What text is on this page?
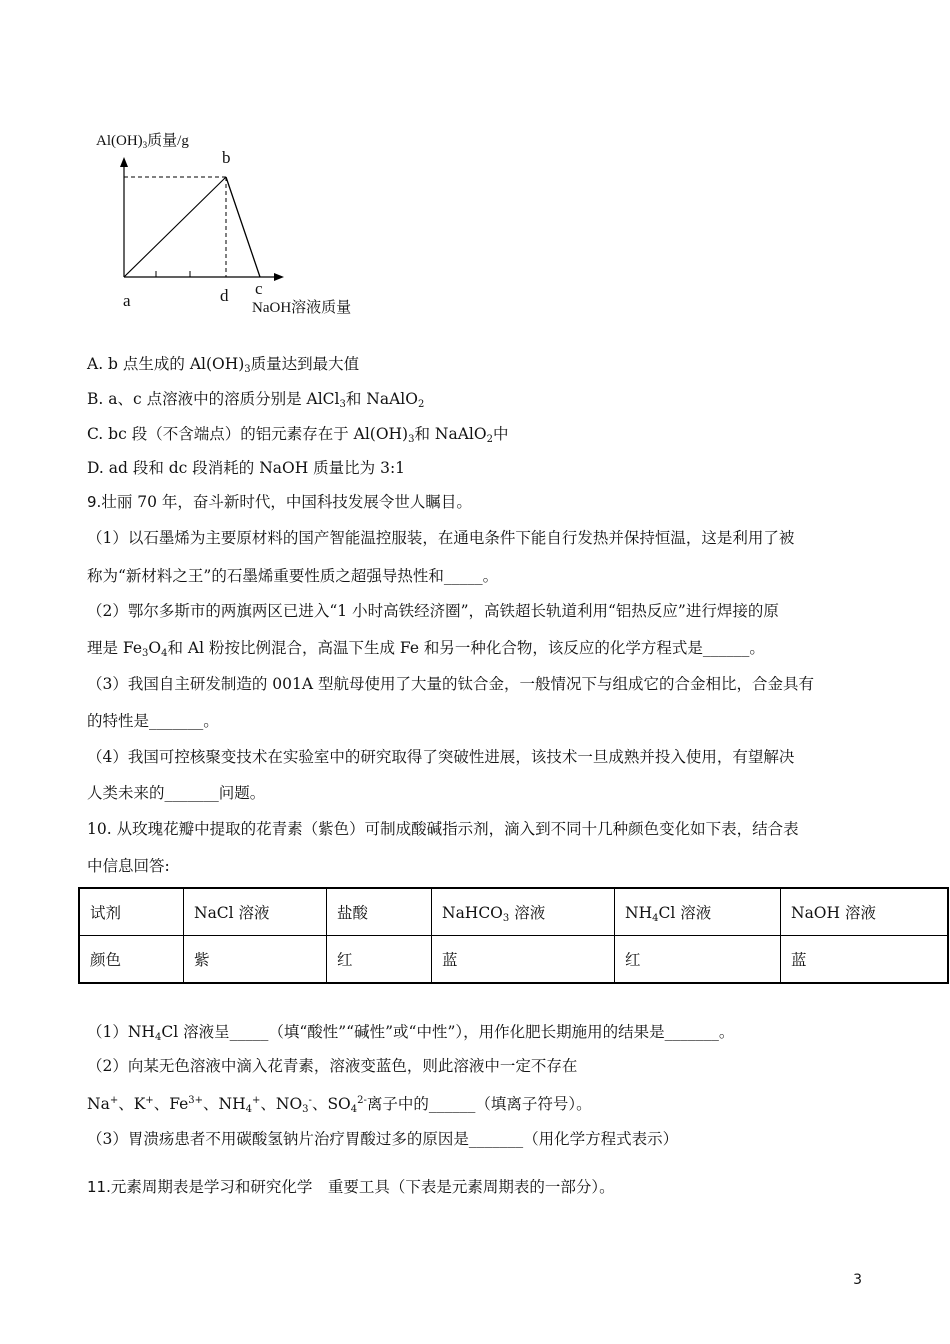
$Al(OH)_3$质量/g
b
a	d c
NaOH溶液质量
A. b 点生成的 $Al(OH)_3$质量达到最大值
B. a、c 点溶液中的溶质分别是 AlCl$_3$和 NaAlO$_2$
C. bc 段（不含端点）的铝元素存在于 $Al(OH)_3$和 NaAlO$_2$中
D. ad 段和 dc 段消耗的 NaOH 质量比为 3:1
9.壮丽 70 年，奋斗新时代，中国科技发展令世人瞩目。
（1）以石墨烯为主要原材料的国产智能温控服装，在通电条件下能自行发热并保持恒温，这是利用了被
称为“新材料之王”的石墨烯重要性质之超强导热性和_____。
（2）鄂尔多斯市的两旗两区已进入“1 小时高铁经济圈”，高铁超长轨道利用“铝热反应”进行焊接的原
理是 $Fe_3O_4$和 Al 粉按比例混合，高温下生成 Fe 和另一种化合物，该反应的化学方程式是______。
（3）我国自主研发制造的 001A 型航母使用了大量的钛合金，一般情况下与组成它的合金相比，合金具有
的特性是_______。
（4）我国可控核聚变技术在实验室中的研究取得了突破性进展，该技术一旦成熟并投入使用，有望解决
人类未来的_______问题。
10. 从玫瑰花瓣中提取的花青素（紫色）可制成酸碱指示剂，滴入到不同十几种颜色变化如下表，结合表
中信息回答:
试剂	NaCl 溶液	盐酸	NaHCO$_3$ 溶液	$NH_4Cl$ 溶液	NaOH 溶液
颜色	紫	红	蓝	红	蓝
$(1)NH_4Cl$ 溶液呈_____（填“酸性”“碱性”或“中性”），用作化肥长期施用的结果是_______。
（2）向某无色溶液中滴入花青素，溶液变蓝色，则此溶液中一定不存在
Na+、K+、$Fe^{3+}$、$NH_4^+$、$NO_3^-$、$SO_4^{2-}$离子中的______（填离子符号）。
（3）胃溃疡患者不用碳酸氢钠片治疗胃酸过多的原因是_______（用化学方程式表示）
11.元素周期表是学习和研究化学　重要工具（下表是元素周期表的一部分）。
3
